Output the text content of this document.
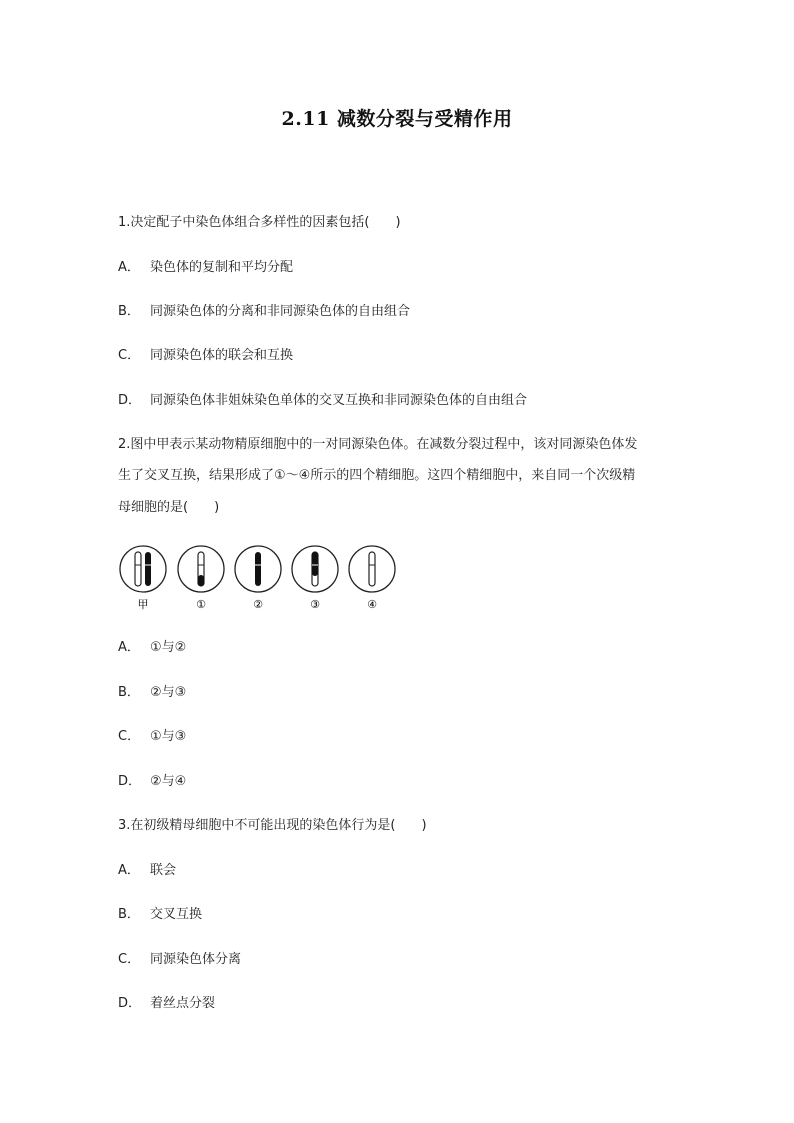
2.11 减数分裂与受精作用
1.决定配子中染色体组合多样性的因素包括(　　)
A． 染色体的复制和平均分配
B． 同源染色体的分离和非同源染色体的自由组合
C． 同源染色体的联会和互换
D． 同源染色体非姐妹染色单体的交叉互换和非同源染色体的自由组合
2.图中甲表示某动物精原细胞中的一对同源染色体。在减数分裂过程中，该对同源染色体发
生了交叉互换，结果形成了①～④所示的四个精细胞。这四个精细胞中，来自同一个次级精
母细胞的是(　　)
甲	①	②	③	④
A． ①与②
B． ②与③
C． ①与③
D． ②与④
3.在初级精母细胞中不可能出现的染色体行为是(　　)
A． 联会
B． 交叉互换
C． 同源染色体分离
D． 着丝点分裂
